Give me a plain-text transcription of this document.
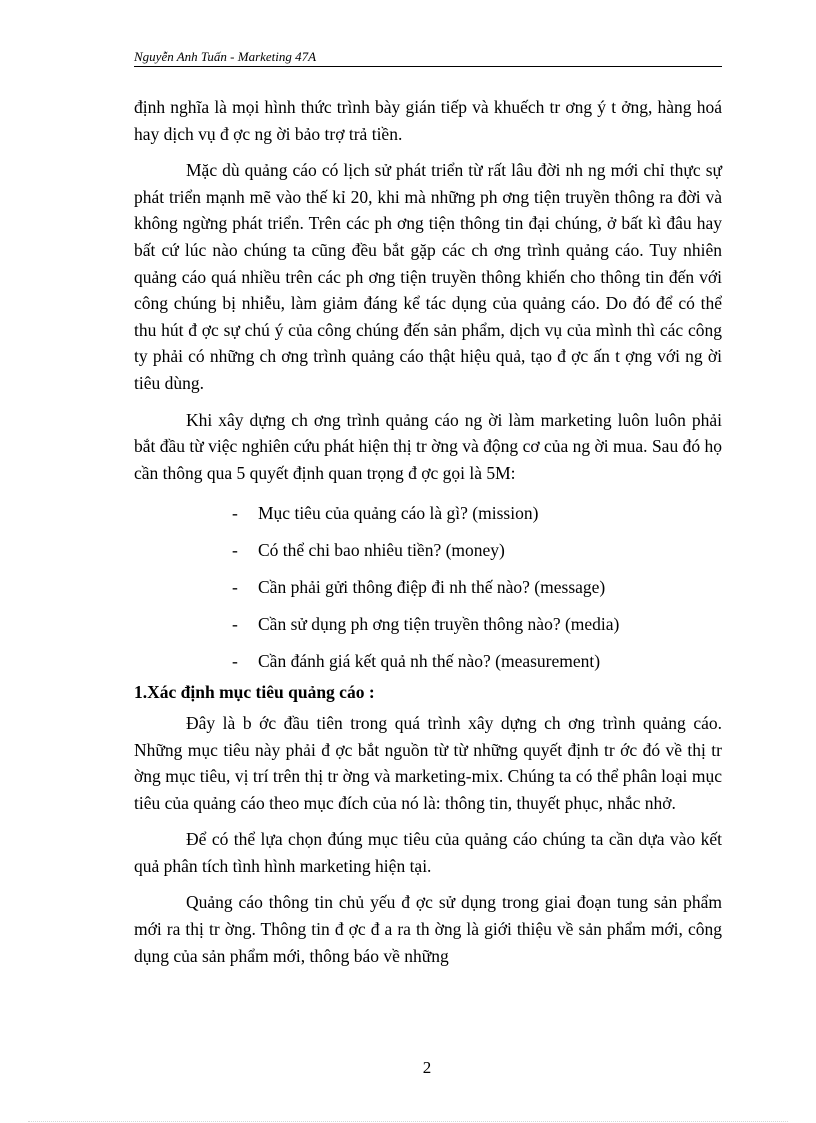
Nguyễn Anh Tuấn - Marketing 47A

định nghĩa là mọi hình thức trình bày gián tiếp và khuếch tr ơng ý t ởng, hàng hoá hay dịch vụ đ ợc ng ời bảo trợ trả tiền.

Mặc dù quảng cáo có lịch sử phát triển từ rất lâu đời nh ng mới chỉ thực sự phát triển mạnh mẽ vào thế kỉ 20, khi mà những ph ơng tiện truyền thông ra đời và không ngừng phát triển. Trên các ph ơng tiện thông tin đại chúng, ở bất kì đâu hay bất cứ lúc nào chúng ta cũng đều bắt gặp các ch ơng trình quảng cáo. Tuy nhiên quảng cáo quá nhiều trên các ph ơng tiện truyền thông khiến cho thông tin đến với công chúng bị nhiễu, làm giảm đáng kể tác dụng của quảng cáo. Do đó để có thể thu hút đ ợc sự chú ý của công chúng đến sản phẩm, dịch vụ của mình thì các công ty phải có những ch ơng trình quảng cáo thật hiệu quả, tạo đ ợc ấn t ợng với ng ời tiêu dùng.

Khi xây dựng ch ơng trình quảng cáo ng ời làm marketing luôn luôn phải bắt đầu từ việc nghiên cứu phát hiện thị tr ờng và động cơ của ng ời mua. Sau đó họ cần thông qua 5 quyết định quan trọng đ ợc gọi là 5M:

- Mục tiêu của quảng cáo là gì? (mission)
- Có thể chi bao nhiêu tiền? (money)
- Cần phải gửi thông điệp đi nh thế nào? (message)
- Cần sử dụng ph ơng tiện truyền thông nào? (media)
- Cần đánh giá kết quả nh thế nào? (measurement)
1.Xác định mục tiêu quảng cáo :

Đây là b ớc đầu tiên trong quá trình xây dựng ch ơng trình quảng cáo. Những mục tiêu này phải đ ợc bắt nguồn từ từ những quyết định tr ớc đó về thị tr ờng mục tiêu, vị trí trên thị tr ờng và marketing-mix. Chúng ta có thể phân loại mục tiêu của quảng cáo theo mục đích của nó là: thông tin, thuyết phục, nhắc nhở.

Để có thể lựa chọn đúng mục tiêu của quảng cáo chúng ta cần dựa vào kết quả phân tích tình hình marketing hiện tại.

Quảng cáo thông tin chủ yếu đ ợc sử dụng trong giai đoạn tung sản phẩm mới ra thị tr ờng. Thông tin đ ợc đ a ra th ờng là giới thiệu về sản phẩm mới, công dụng của sản phẩm mới, thông báo về những

2
